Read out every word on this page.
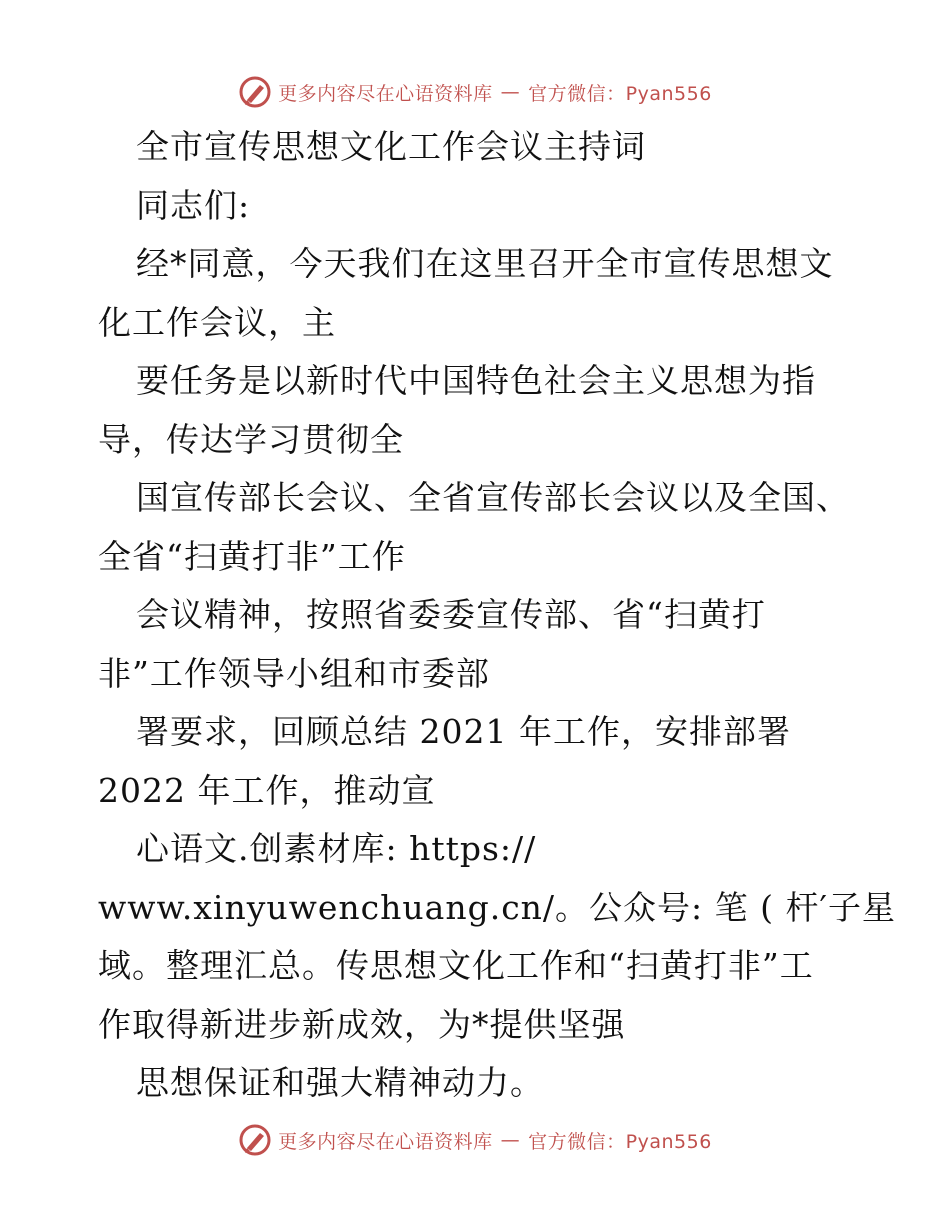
更多内容尽在心语资料库 — 官方微信：Pyan556
全市宣传思想文化工作会议主持词
同志们:
经*同意，今天我们在这里召开全市宣传思想文
化工作会议，主
要任务是以新时代中国特色社会主义思想为指
导，传达学习贯彻全
国宣传部长会议、全省宣传部长会议以及全国、
全省“扫黄打非”工作
会议精神，按照省委委宣传部、省“扫黄打
非”工作领导小组和市委部
署要求，回顾总结 2021 年工作，安排部署
2022 年工作，推动宣
心语文.创素材库: https://
www.xinyuwenchuang.cn/。公众号: 笔 ( 杆′子星
域。整理汇总。传思想文化工作和“扫黄打非”工
作取得新进步新成效，为*提供坚强
思想保证和强大精神动力。
更多内容尽在心语资料库 — 官方微信：Pyan556
